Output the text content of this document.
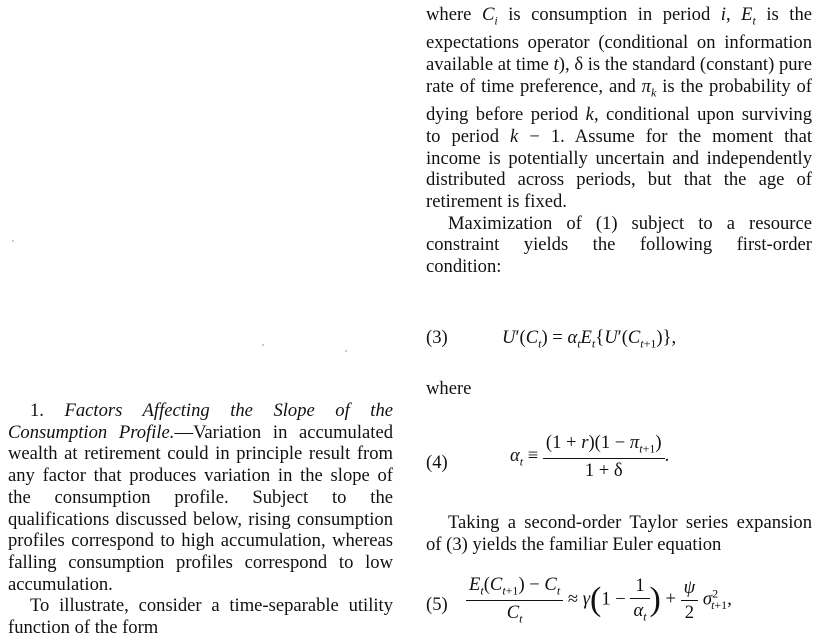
1. Factors Affecting the Slope of the Consumption Profile.—Variation in accumulated wealth at retirement could in principle result from any factor that produces variation in the slope of the consumption profile. Subject to the qualifications discussed below, rising consumption profiles correspond to high accumulation, whereas falling consumption profiles correspond to low accumulation.

To illustrate, consider a time-separable utility function of the form

where $C_i$ is consumption in period i, $E_t$ is the expectations operator (conditional on information available at time t), δ is the standard (constant) pure rate of time preference, and $\pi_k$ is the probability of dying before period k, conditional upon surviving to period k − 1. Assume for the moment that income is potentially uncertain and independently distributed across periods, but that the age of retirement is fixed.

Maximization of (1) subject to a resource constraint yields the following first-order condition:

(3)	$U'(C_t) = \alpha_tE_t\{U'(C_{t+1})\}$,
where
(4)	$\alpha_t \equiv \frac{(1 + r)(1 - \pi_{t+1})}{1 + \delta}$ .

Taking a second-order Taylor series expansion of (3) yields the familiar Euler equation

$(5) \frac{E_t(C_{t+1}) - C_t}{C_t} \approx \gamma(1 - \frac{1}{\alpha_t}$ ) + $\frac{\psi}{2} \sigma^2_{t+1}$,
